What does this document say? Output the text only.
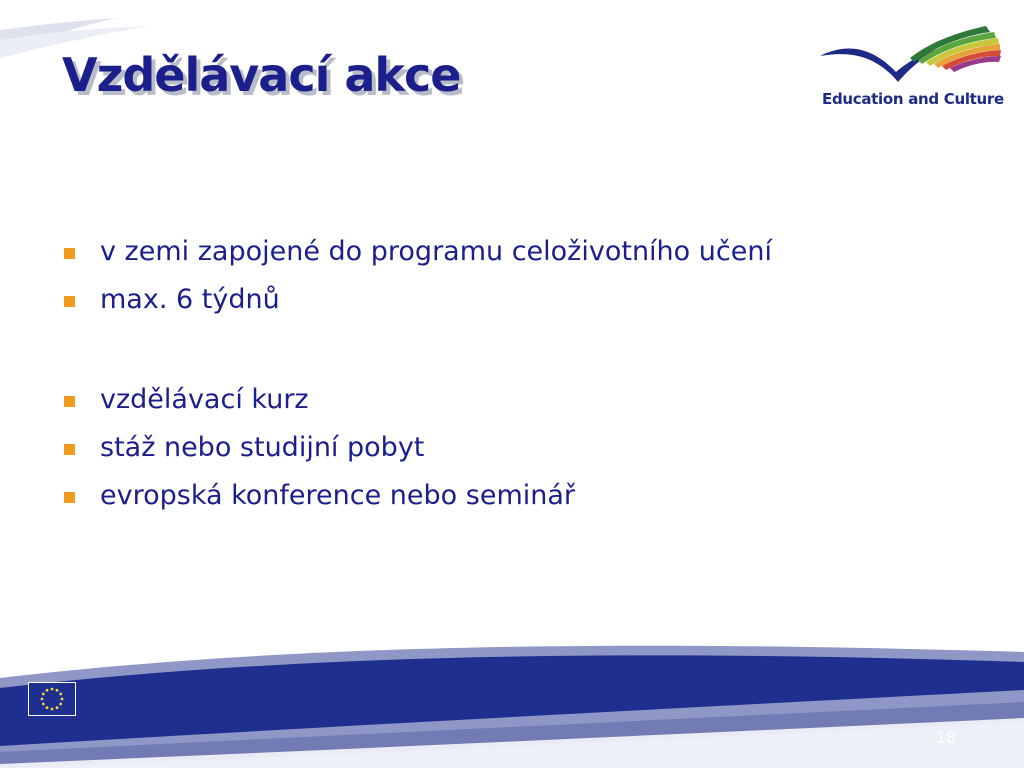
Vzdělávací akce	Education and Culture
v zemi zapojené do programu celoživotního učení
max. 6 týdnů
vzdělávací kurz
stáž nebo studijní pobyt
evropská konference nebo seminář
18
